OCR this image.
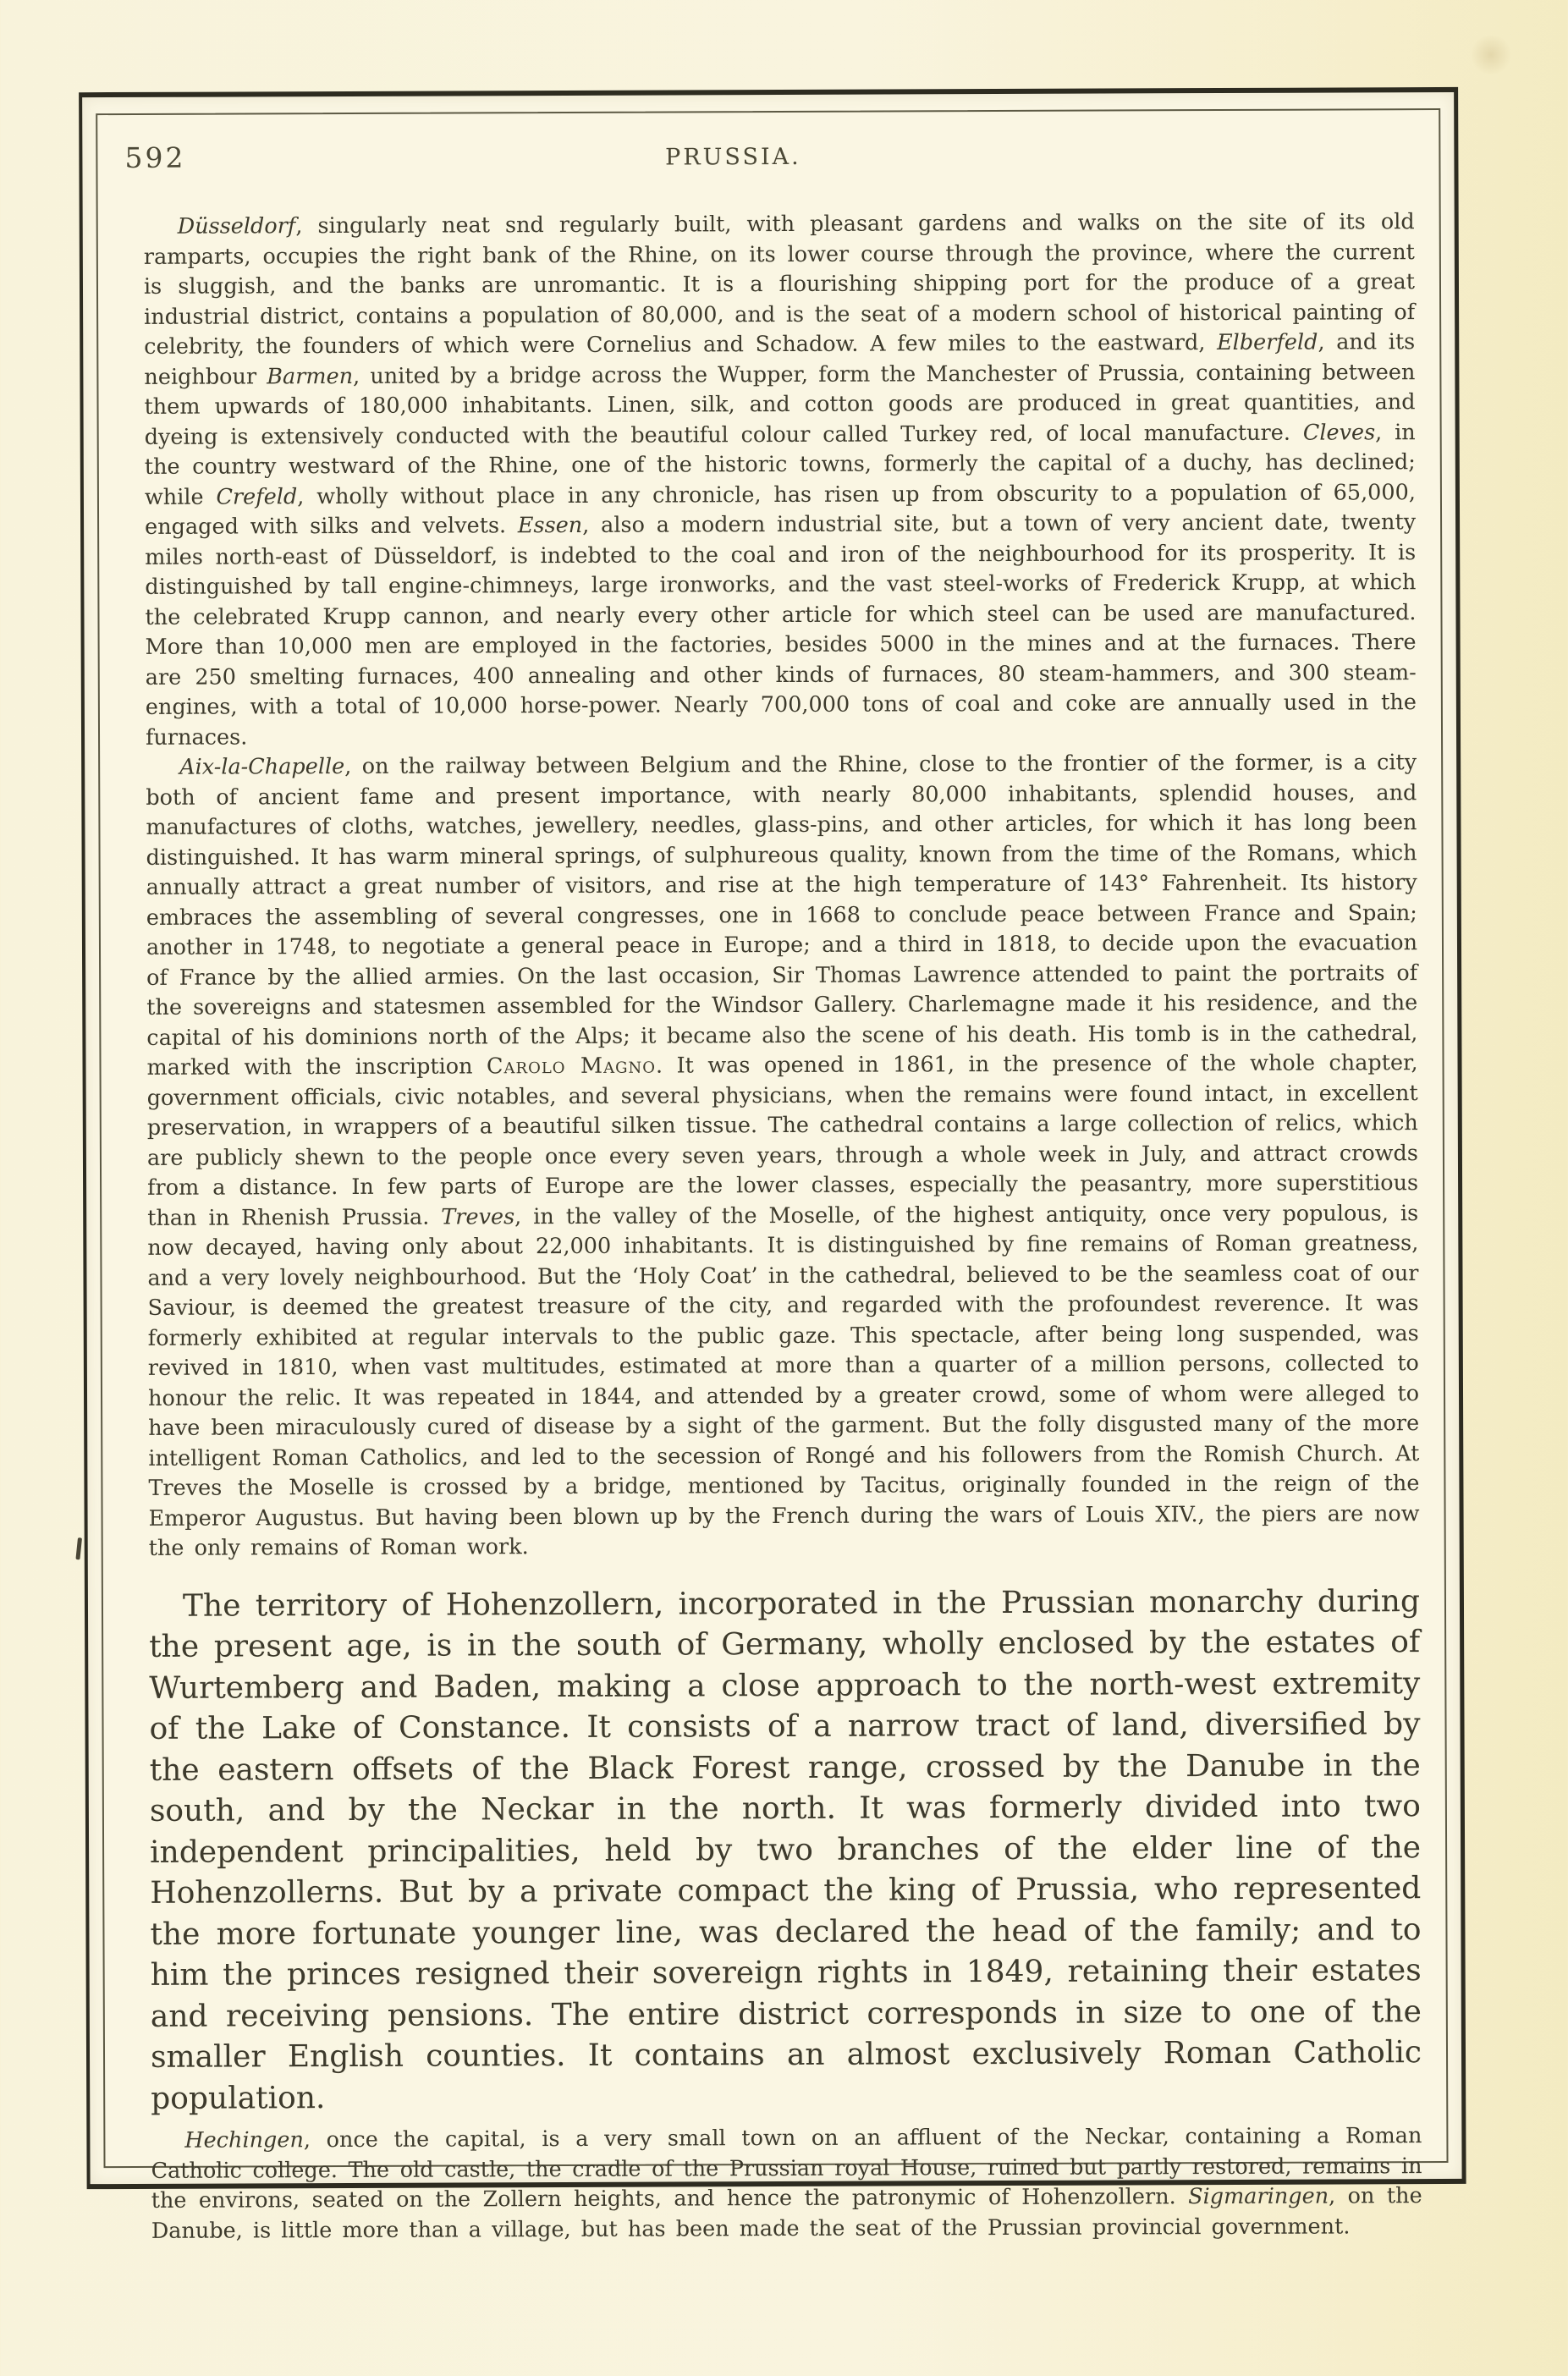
592	PRUSSIA.

Düsseldorf, singularly neat snd regularly built, with pleasant gardens and walks on the site of its old ramparts, occupies the right bank of the Rhine, on its lower course through the province, where the current is sluggish, and the banks are unromantic. It is a flourishing shipping port for the produce of a great industrial district, contains a population of 80,000, and is the seat of a modern school of historical painting of celebrity, the founders of which were Cornelius and Schadow. A few miles to the eastward, Elberfeld, and its neighbour Barmen, united by a bridge across the Wupper, form the Manchester of Prussia, containing between them upwards of 180,000 inhabitants. Linen, silk, and cotton goods are produced in great quantities, and dyeing is extensively conducted with the beautiful colour called Turkey red, of local manufacture. Cleves, in the country westward of the Rhine, one of the historic towns, formerly the capital of a duchy, has declined; while Crefeld, wholly without place in any chronicle, has risen up from obscurity to a population of 65,000, engaged with silks and velvets. Essen, also a modern industrial site, but a town of very ancient date, twenty miles north-east of Düsseldorf, is indebted to the coal and iron of the neighbourhood for its prosperity. It is distinguished by tall engine-chimneys, large ironworks, and the vast steel-works of Frederick Krupp, at which the celebrated Krupp cannon, and nearly every other article for which steel can be used are manufactured. More than 10,000 men are employed in the factories, besides 5000 in the mines and at the furnaces. There are 250 smelting furnaces, 400 annealing and other kinds of furnaces, 80 steam-hammers, and 300 steam-engines, with a total of 10,000 horse-power. Nearly 700,000 tons of coal and coke are annually used in the furnaces.

Aix-la-Chapelle, on the railway between Belgium and the Rhine, close to the frontier of the former, is a city both of ancient fame and present importance, with nearly 80,000 inhabitants, splendid houses, and manufactures of cloths, watches, jewellery, needles, glass-pins, and other articles, for which it has long been distinguished. It has warm mineral springs, of sulphureous quality, known from the time of the Romans, which annually attract a great number of visitors, and rise at the high temperature of 143° Fahrenheit. Its history embraces the assembling of several congresses, one in 1668 to conclude peace between France and Spain; another in 1748, to negotiate a general peace in Europe; and a third in 1818, to decide upon the evacuation of France by the allied armies. On the last occasion, Sir Thomas Lawrence attended to paint the portraits of the sovereigns and statesmen assembled for the Windsor Gallery. Charlemagne made it his residence, and the capital of his dominions north of the Alps; it became also the scene of his death. His tomb is in the cathedral, marked with the inscription Carolo Magno. It was opened in 1861, in the presence of the whole chapter, government officials, civic notables, and several physicians, when the remains were found intact, in excellent preservation, in wrappers of a beautiful silken tissue. The cathedral contains a large collection of relics, which are publicly shewn to the people once every seven years, through a whole week in July, and attract crowds from a distance. In few parts of Europe are the lower classes, especially the peasantry, more superstitious than in Rhenish Prussia. Treves, in the valley of the Moselle, of the highest antiquity, once very populous, is now decayed, having only about 22,000 inhabitants. It is distinguished by fine remains of Roman greatness, and a very lovely neighbourhood. But the ‘Holy Coat’ in the cathedral, believed to be the seamless coat of our Saviour, is deemed the greatest treasure of the city, and regarded with the profoundest reverence. It was formerly exhibited at regular intervals to the public gaze. This spectacle, after being long suspended, was revived in 1810, when vast multitudes, estimated at more than a quarter of a million persons, collected to honour the relic. It was repeated in 1844, and attended by a greater crowd, some of whom were alleged to have been miraculously cured of disease by a sight of the garment. But the folly disgusted many of the more intelligent Roman Catholics, and led to the secession of Rongé and his followers from the Romish Church. At Treves the Moselle is crossed by a bridge, mentioned by Tacitus, originally founded in the reign of the Emperor Augustus. But having been blown up by the French during the wars of Louis XIV., the piers are now the only remains of Roman work.

The territory of Hohenzollern, incorporated in the Prussian monarchy during the present age, is in the south of Germany, wholly enclosed by the estates of Wurtemberg and Baden, making a close approach to the north-west extremity of the Lake of Constance. It consists of a narrow tract of land, diversified by the eastern offsets of the Black Forest range, crossed by the Danube in the south, and by the Neckar in the north. It was formerly divided into two independent principalities, held by two branches of the elder line of the Hohenzollerns. But by a private compact the king of Prussia, who represented the more fortunate younger line, was declared the head of the family; and to him the princes resigned their sovereign rights in 1849, retaining their estates and receiving pensions. The entire district corresponds in size to one of the smaller English counties. It contains an almost exclusively Roman Catholic population.

Hechingen, once the capital, is a very small town on an affluent of the Neckar, containing a Roman Catholic college. The old castle, the cradle of the Prussian royal House, ruined but partly restored, remains in the environs, seated on the Zollern heights, and hence the patronymic of Hohenzollern. Sigmaringen, on the Danube, is little more than a village, but has been made the seat of the Prussian provincial government.
